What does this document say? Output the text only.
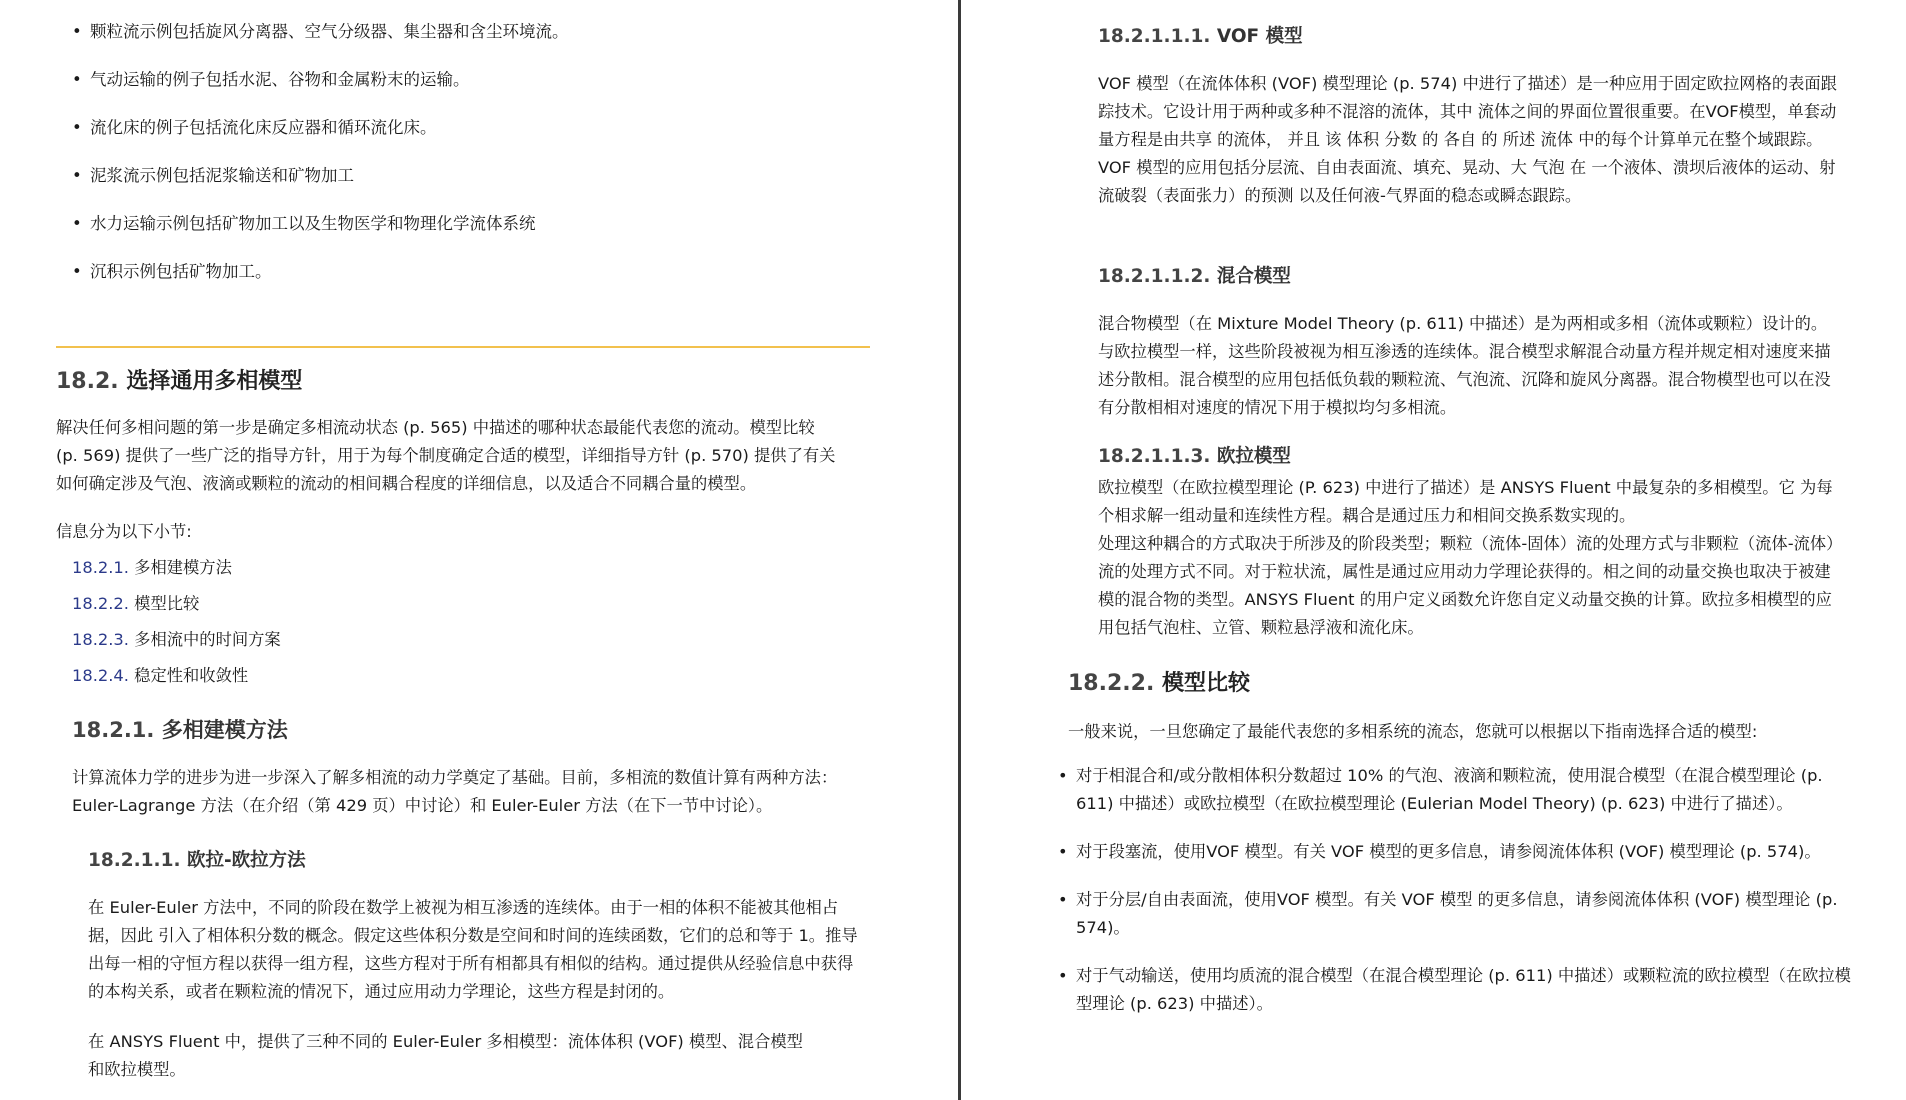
• 颗粒流示例包括旋风分离器、空气分级器、集尘器和含尘环境流。
• 气动运输的例子包括水泥、谷物和金属粉末的运输。
• 流化床的例子包括流化床反应器和循环流化床。
• 泥浆流示例包括泥浆输送和矿物加工
• 水力运输示例包括矿物加工以及生物医学和物理化学流体系统
• 沉积示例包括矿物加工。
18.2. 选择通用多相模型
解决任何多相问题的第一步是确定多相流动状态 (p. 565) 中描述的哪种状态最能代表您的流动。模型比较 (p. 569) 提供了一些广泛的指导方针，用于为每个制度确定合适的模型，详细指导方针 (p. 570) 提供了有关如何确定涉及气泡、液滴或颗粒的流动的相间耦合程度的详细信息，以及适合不同耦合量的模型。
信息分为以下小节:
18.2.1. 多相建模方法
18.2.2. 模型比较
18.2.3. 多相流中的时间方案
18.2.4. 稳定性和收敛性
18.2.1. 多相建模方法
计算流体力学的进步为进一步深入了解多相流的动力学奠定了基础。目前，多相流的数值计算有两种方法：Euler-Lagrange 方法（在介绍（第 429 页）中讨论）和 Euler-Euler 方法（在下一节中讨论）。
18.2.1.1. 欧拉-欧拉方法
在 Euler-Euler 方法中，不同的阶段在数学上被视为相互渗透的连续体。由于一相的体积不能被其他相占据，因此 引入了相体积分数的概念。假定这些体积分数是空间和时间的连续函数，它们的总和等于 1。推导出每一相的守恒方程以获得一组方程，这些方程对于所有相都具有相似的结构。通过提供从经验信息中获得的本构关系，或者在颗粒流的情况下，通过应用动力学理论，这些方程是封闭的。
在 ANSYS Fluent 中，提供了三种不同的 Euler-Euler 多相模型：流体体积 (VOF) 模型、混合模型和欧拉模型。
18.2.1.1.1. VOF 模型
VOF 模型（在流体体积 (VOF) 模型理论 (p. 574) 中进行了描述）是一种应用于固定欧拉网格的表面跟踪技术。它设计用于两种或多种不混溶的流体，其中 流体之间的界面位置很重要。在VOF模型，单套动量方程是由共享 的流体， 并且 该 体积 分数 的 各自 的 所述 流体 中的每个计算单元在整个域跟踪。VOF 模型的应用包括分层流、自由表面流、填充、晃动、大 气泡 在 一个液体、溃坝后液体的运动、射流破裂（表面张力）的预测 以及任何液-气界面的稳态或瞬态跟踪。
18.2.1.1.2. 混合模型
混合物模型（在 Mixture Model Theory (p. 611) 中描述）是为两相或多相（流体或颗粒）设计的。与欧拉模型一样，这些阶段被视为相互渗透的连续体。混合模型求解混合动量方程并规定相对速度来描述分散相。混合模型的应用包括低负载的颗粒流、气泡流、沉降和旋风分离器。混合物模型也可以在没有分散相相对速度的情况下用于模拟均匀多相流。
18.2.1.1.3. 欧拉模型
欧拉模型（在欧拉模型理论 (P. 623) 中进行了描述）是 ANSYS Fluent 中最复杂的多相模型。它 为每个相求解一组动量和连续性方程。耦合是通过压力和相间交换系数实现的。
处理这种耦合的方式取决于所涉及的阶段类型；颗粒（流体-固体）流的处理方式与非颗粒（流体-流体）流的处理方式不同。对于粒状流，属性是通过应用动力学理论获得的。相之间的动量交换也取决于被建模的混合物的类型。ANSYS Fluent 的用户定义函数允许您自定义动量交换的计算。欧拉多相模型的应用包括气泡柱、立管、颗粒悬浮液和流化床。
18.2.2. 模型比较
一般来说，一旦您确定了最能代表您的多相系统的流态，您就可以根据以下指南选择合适的模型:
• 对于相混合和/或分散相体积分数超过 10% 的气泡、液滴和颗粒流，使用混合模型（在混合模型理论 (p. 611) 中描述）或欧拉模型（在欧拉模型理论 (Eulerian Model Theory) (p. 623) 中进行了描述）。
• 对于段塞流，使用VOF 模型。有关 VOF 模型的更多信息，请参阅流体体积 (VOF) 模型理论 (p. 574)。
• 对于分层/自由表面流，使用VOF 模型。有关 VOF 模型 的更多信息，请参阅流体体积 (VOF) 模型理论 (p. 574)。
• 对于气动输送，使用均质流的混合模型（在混合模型理论 (p. 611) 中描述）或颗粒流的欧拉模型（在欧拉模型理论 (p. 623) 中描述）。
